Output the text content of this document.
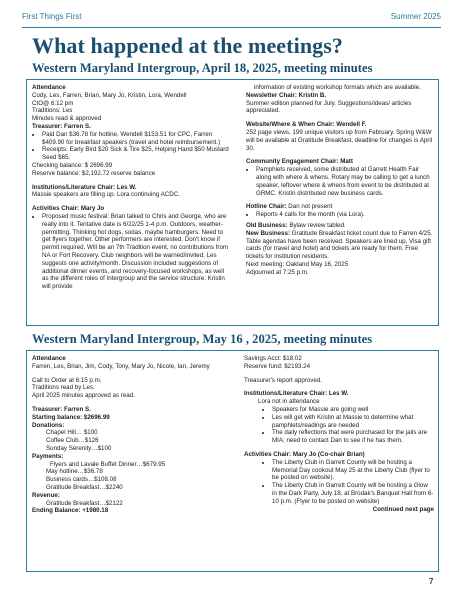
First Things First	Summer 2025
What happened at the meetings?
Western Maryland Intergroup, April 18, 2025, meeting minutes

Attendance

Cody, Les, Farren, Brian, Mary Jo, Kristin, Lora, Wendell

CtO@ 6:12 pm

Traditions: Les

Minutes read & approved

Treasurer: Farren S.

• Paid Dan $36.78 for hotline, Wendell $153.51 for CPC, Farren $409.90 for breakfast speakers (travel and hotel reimbursement.)
• Receipts: Early Bird $20 Sick & Tire $25, Helping Hand $50 Mustard Seed $65.

Checking balance: $ 2696.99

Reserve balance: $2,192.72 reserve balance

Institutions/Literature Chair: Les W.

Massie speakers are filling up. Lora continuing ACDC.

Activities Chair: Mary Jo

• Proposed music festival: Brian talked to Chris and George, who are really into it. Tentative date is 6/22/25 1-4 p.m. Outdoors, weather-permitting. Thinking hot dogs, sodas, maybe hamburgers. Need to get flyers together. Other performers are interested. Don't know if permit required. Will be an 7th Tradition event, no contributions from NA or Fort Recovery. Club neighbors will be warned/invited. Les suggests one activity/month. Discussion included suggestions of additional dinner events, and recovery-focused workshops, as well as the different roles of Intergroup and the service structure. Kristin will provide

information of existing workshop formats which are available.

Newsletter Chair: Kristin B.

Summer edition planned for July. Suggestions/ideas/ articles appreciated.

Website/Where & When Chair: Wendell F.

252 page views, 199 unique visitors up from February. Spring W&W will be available at Gratitude Breakfast, deadline for changes is April 30.

Community Engagement Chair: Matt

• Pamphlets received, some distributed at Garrett Health Fair along with where & whens. Rotary may be calling to get a lunch speaker, leftover where & whens from event to be distributed at GRMC. Kristin distributed new business cards.

Hotline Chair: Dan not present

• Reports 4 calls for the month (via Lora).

Old Business: Bylaw review tabled.

New Business: Gratitude Breakfast ticket count due to Farren 4/25. Table agendas have been received. Speakers are lined up, Visa gift cards (for travel and hotel) and tickets are ready for them. Free tickets for institution residents.

Next meeting: Oakland May 16, 2025

Adjourned at 7:25 p.m.

Western Maryland Intergroup, May 16 , 2025, meeting minutes

Attendance

Farren, Les, Brian, Jim, Cody, Tony, Mary Jo, Nicole, Ian, Jeremy

Call to Order at 6:15 p.m.

Traditions read by Les.

April 2025 minutes approved as read.

Treasurer: Farren S.

Starting balance: $2696.99

Donations:

Chapel Hill… $100

Coffee Club…$126

Sunday Serenity…$100

Payments:

Flyers and Lavale Buffet Dinner…$679.95

May hotline…$36.78

Business cards…$108.08

Gratitude Breakfast…$2240

Revenue:

Gratitude Breakfast…$2122

Ending Balance: +1980.18

Savings Acct: $18.02

Reserve fund: $2193.24

Treasurer's report approved.

Institutions/Literature Chair: Les W.

Lora not in attendance

• Speakers for Massie are going well
• Les will get with Kristin at Massie to determine what pamphlets/readings are needed
• The daily reflections that were purchased for the jails are MIA; need to contact Dan to see if he has them.

Activities Chair: Mary Jo (Co-chair Brian)

• The Liberty Club in Garrett County will be hosting a Memorial Day cookout May 25 at the Liberty Club (flyer to be posted on website).
• The Liberty Club in Garrett County will be hosting a Glow in the Dark Party, July 18, at Brodak's Banquet Hall from 6-10 p.m. (Flyer to be posted on website)

Continued next page

7
